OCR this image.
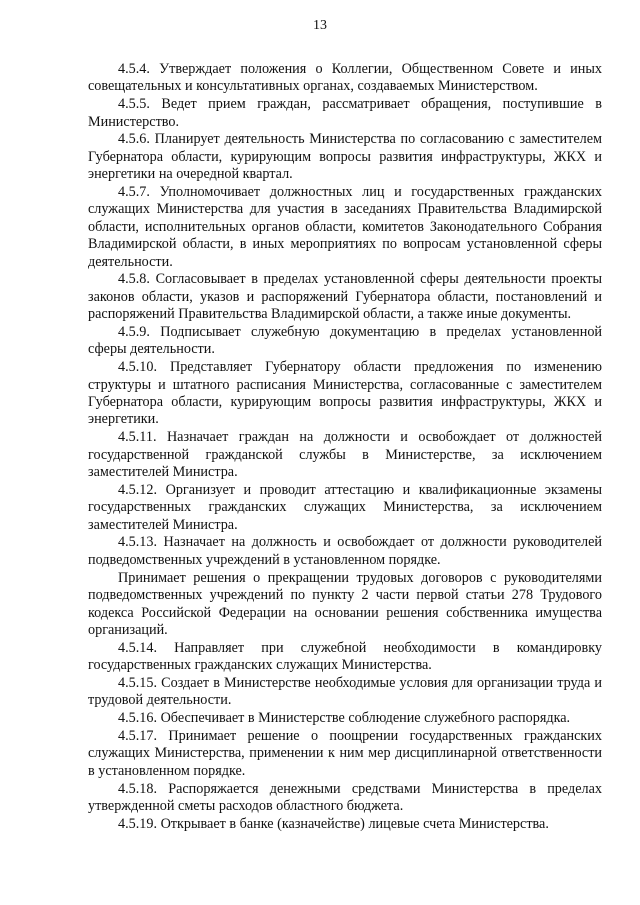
13

4.5.4. Утверждает положения о Коллегии, Общественном Совете и иных совещательных и консультативных органах, создаваемых Министерством.

4.5.5. Ведет прием граждан, рассматривает обращения, поступившие в Министерство.

4.5.6. Планирует деятельность Министерства по согласованию с заместителем Губернатора области, курирующим вопросы развития инфраструктуры, ЖКХ и энергетики на очередной квартал.

4.5.7. Уполномочивает должностных лиц и государственных гражданских служащих Министерства для участия в заседаниях Правительства Владимирской области, исполнительных органов области, комитетов Законодательного Собрания Владимирской области, в иных мероприятиях по вопросам установленной сферы деятельности.

4.5.8. Согласовывает в пределах установленной сферы деятельности проекты законов области, указов и распоряжений Губернатора области, постановлений и распоряжений Правительства Владимирской области, а также иные документы.

4.5.9. Подписывает служебную документацию в пределах установленной сферы деятельности.

4.5.10. Представляет Губернатору области предложения по изменению структуры и штатного расписания Министерства, согласованные с заместителем Губернатора области, курирующим вопросы развития инфраструктуры, ЖКХ и энергетики.

4.5.11. Назначает граждан на должности и освобождает от должностей государственной гражданской службы в Министерстве, за исключением заместителей Министра.

4.5.12. Организует и проводит аттестацию и квалификационные экзамены государственных гражданских служащих Министерства, за исключением заместителей Министра.

4.5.13. Назначает на должность и освобождает от должности руководителей подведомственных учреждений в установленном порядке.

Принимает решения о прекращении трудовых договоров с руководителями подведомственных учреждений по пункту 2 части первой статьи 278 Трудового кодекса Российской Федерации на основании решения собственника имущества организаций.

4.5.14. Направляет при служебной необходимости в командировку государственных гражданских служащих Министерства.

4.5.15. Создает в Министерстве необходимые условия для организации труда и трудовой деятельности.

4.5.16. Обеспечивает в Министерстве соблюдение служебного распорядка.

4.5.17. Принимает решение о поощрении государственных гражданских служащих Министерства, применении к ним мер дисциплинарной ответственности в установленном порядке.

4.5.18. Распоряжается денежными средствами Министерства в пределах утвержденной сметы расходов областного бюджета.

4.5.19. Открывает в банке (казначействе) лицевые счета Министерства.
